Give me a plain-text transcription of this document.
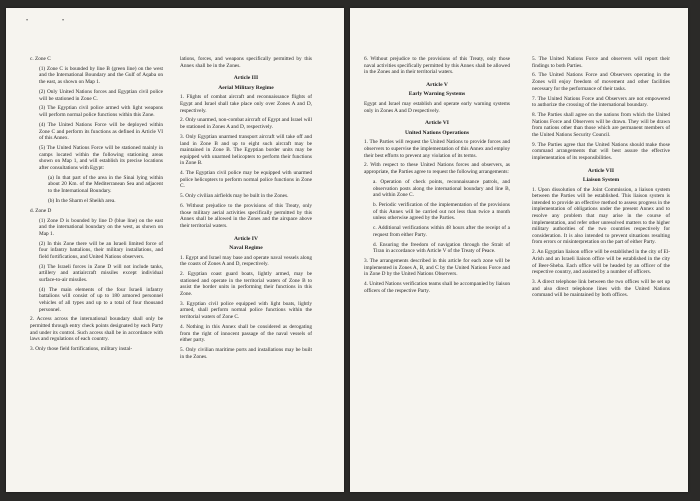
•	•

c. Zone C

(1) Zone C is bounded by line B (green line) on the west and the International Boundary and the Gulf of Aqaba on the east, as shown on Map 1.

(2) Only United Nations forces and Egyptian civil police will be stationed in Zone C.

(3) The Egyptian civil police armed with light weapons will perform normal police functions within this Zone.

(4) The United Nations Force will be deployed within Zone C and perform its functions as defined in Article VI of this Annex.

(5) The United Nations Force will be stationed mainly in camps located within the following stationing areas shown on Map 1, and will establish its precise locations after consultations with Egypt:

(a) In that part of the area in the Sinai lying within about 20 Km. of the Mediterranean Sea and adjacent to the International Boundary.

(b) In the Sharm el Sheikh area.

d. Zone D

(1) Zone D is bounded by line D (blue line) on the east and the international boundary on the west, as shown on Map 1.

(2) In this Zone there will be an Israeli limited force of four infantry battalions, their military installations, and field fortifications, and United Nations observers.

(3) The Israeli forces in Zone D will not include tanks, artillery and antiaircraft missiles except individual surface-to-air missiles.

(4) The main elements of the four Israeli infantry battalions will consist of up to 180 armored personnel vehicles of all types and up to a total of four thousand personnel.

2. Access across the international boundary shall only be permitted through entry check points designated by each Party and under its control. Such access shall be in accordance with laws and regulations of each country.

3. Only those field fortifications, military instal-

lations, forces, and weapons specifically permitted by this Annex shall be in the Zones.

Article III
Aerial Military Regime

1. Flights of combat aircraft and reconnaissance flights of Egypt and Israel shall take place only over Zones A and D, respectively.

2. Only unarmed, non-combat aircraft of Egypt and Israel will be stationed in Zones A and D, respectively.

3. Only Egyptian unarmed transport aircraft will take off and land in Zone B and up to eight such aircraft may be maintained in Zone B. The Egyptian border units may be equipped with unarmed helicopters to perform their functions in Zone B.

4. The Egyptian civil police may be equipped with unarmed police helicopters to perform normal police functions in Zone C.

5. Only civilian airfields may be built in the Zones.

6. Without prejudice to the provisions of this Treaty, only those military aerial activities specifically permitted by this Annex shall be allowed in the Zones and the airspace above their territorial waters.

Article IV
Naval Regime

1. Egypt and Israel may base and operate naval vessels along the coasts of Zones A and D, respectively.

2. Egyptian coast guard boats, lightly armed, may be stationed and operate in the territorial waters of Zone B to assist the border units in performing their functions in this Zone.

3. Egyptian civil police equipped with light boats, lightly armed, shall perform normal police functions within the territorial waters of Zone C.

4. Nothing in this Annex shall be considered as derogating from the right of innocent passage of the naval vessels of either party.

5. Only civilian maritime ports and installations may be built in the Zones.

6. Without prejudice to the provisions of this Treaty, only those naval activities specifically permitted by this Annex shall be allowed in the Zones and in their territorial waters.

Article V
Early Warning Systems

Egypt and Israel may establish and operate early warning systems only in Zones A and D respectively.

Article VI
United Nations Operations

1. The Parties will request the United Nations to provide forces and observers to supervise the implementation of this Annex and employ their best efforts to prevent any violation of its terms.

2. With respect to these United Nations forces and observers, as appropriate, the Parties agree to request the following arrangements:

a. Operation of check points, reconnaissance patrols, and observation posts along the international boundary and line B, and within Zone C.

b. Periodic verification of the implementation of the provisions of this Annex will be carried out not less than twice a month unless otherwise agreed by the Parties.

c. Additional verifications within 48 hours after the receipt of a request from either Party.

d. Ensuring the freedom of navigation through the Strait of Tiran in accordance with Article V of the Treaty of Peace.

3. The arrangements described in this article for each zone will be implemented in Zones A, B, and C by the United Nations Force and in Zone D by the United Nations Observers.

4. United Nations verification teams shall be accompanied by liaison officers of the respective Party.

5. The United Nations Force and observers will report their findings to both Parties.

6. The United Nations Force and Observers operating in the Zones will enjoy freedom of movement and other facilities necessary for the performance of their tasks.

7. The United Nations Force and Observers are not empowered to authorize the crossing of the international boundary.

8. The Parties shall agree on the nations from which the United Nations Force and Observers will be drawn. They will be drawn from nations other than those which are permanent members of the United Nations Security Council.

9. The Parties agree that the United Nations should make those command arrangements that will best assure the effective implementation of its responsibilities.

Article VII
Liaison System

1. Upon dissolution of the Joint Commission, a liaison system between the Parties will be established. This liaison system is intended to provide an effective method to assess progress in the implementation of obligations under the present Annex and to resolve any problem that may arise in the course of implementation, and refer other unresolved matters to the higher military authorities of the two countries respectively for consideration. It is also intended to prevent situations resulting from errors or misinterpretation on the part of either Party.

2. An Egyptian liaison office will be established in the city of El-Arish and an Israeli liaison office will be established in the city of Beer-Sheba. Each office will be headed by an officer of the respective country, and assisted by a number of officers.

3. A direct telephone link between the two offices will be set up and also direct telephone lines with the United Nations command will be maintained by both offices.
